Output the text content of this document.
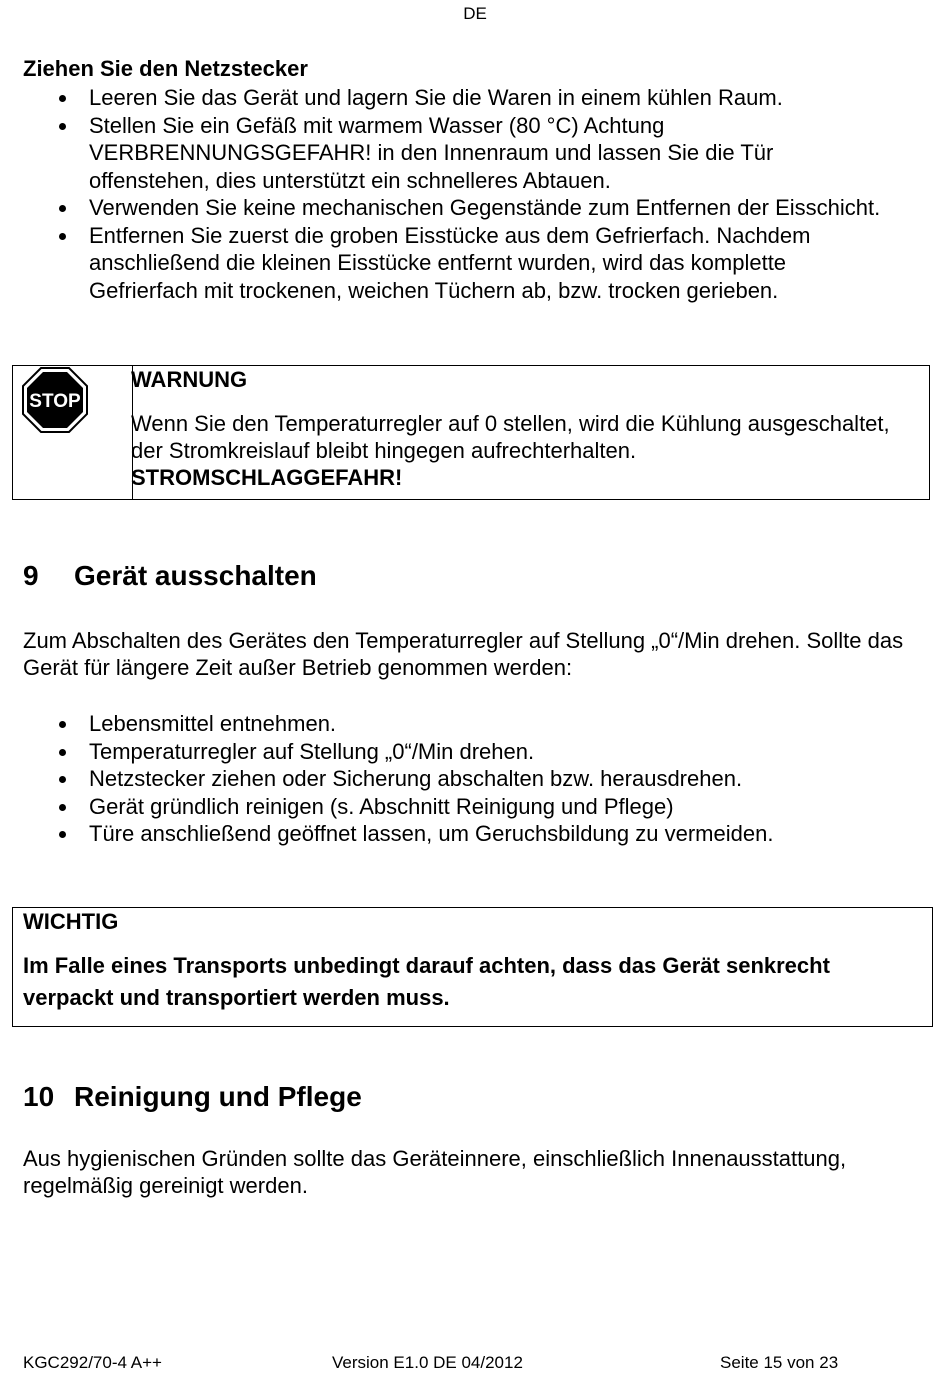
DE
Ziehen Sie den Netzstecker
Leeren Sie das Gerät und lagern Sie die Waren in einem kühlen Raum.
Stellen Sie ein Gefäß mit warmem Wasser (80 °C) Achtung VERBRENNUNGSGEFAHR! in den Innenraum und lassen Sie die Tür offenstehen, dies unterstützt ein schnelleres Abtauen.
Verwenden Sie keine mechanischen Gegenstände zum Entfernen der Eisschicht.
Entfernen Sie zuerst die groben Eisstücke aus dem Gefrierfach. Nachdem anschließend die kleinen Eisstücke entfernt wurden, wird das komplette Gefrierfach mit trockenen, weichen Tüchern ab, bzw. trocken gerieben.
STOP
WARNUNG
Wenn Sie den Temperaturregler auf 0 stellen, wird die Kühlung ausgeschaltet, der Stromkreislauf bleibt hingegen aufrechterhalten.
STROMSCHLAGGEFAHR!
9 Gerät ausschalten
Zum Abschalten des Gerätes den Temperaturregler auf Stellung „0“/Min drehen. Sollte das Gerät für längere Zeit außer Betrieb genommen werden:
Lebensmittel entnehmen.
Temperaturregler auf Stellung „0“/Min drehen.
Netzstecker ziehen oder Sicherung abschalten bzw. herausdrehen.
Gerät gründlich reinigen (s. Abschnitt Reinigung und Pflege)
Türe anschließend geöffnet lassen, um Geruchsbildung zu vermeiden.
WICHTIG
Im Falle eines Transports unbedingt darauf achten, dass das Gerät senkrecht verpackt und transportiert werden muss.
10 Reinigung und Pflege
Aus hygienischen Gründen sollte das Geräteinnere, einschließlich Innenausstattung, regelmäßig gereinigt werden.
KGC292/70-4 A++	Version E1.0 DE 04/2012	Seite 15 von 23
